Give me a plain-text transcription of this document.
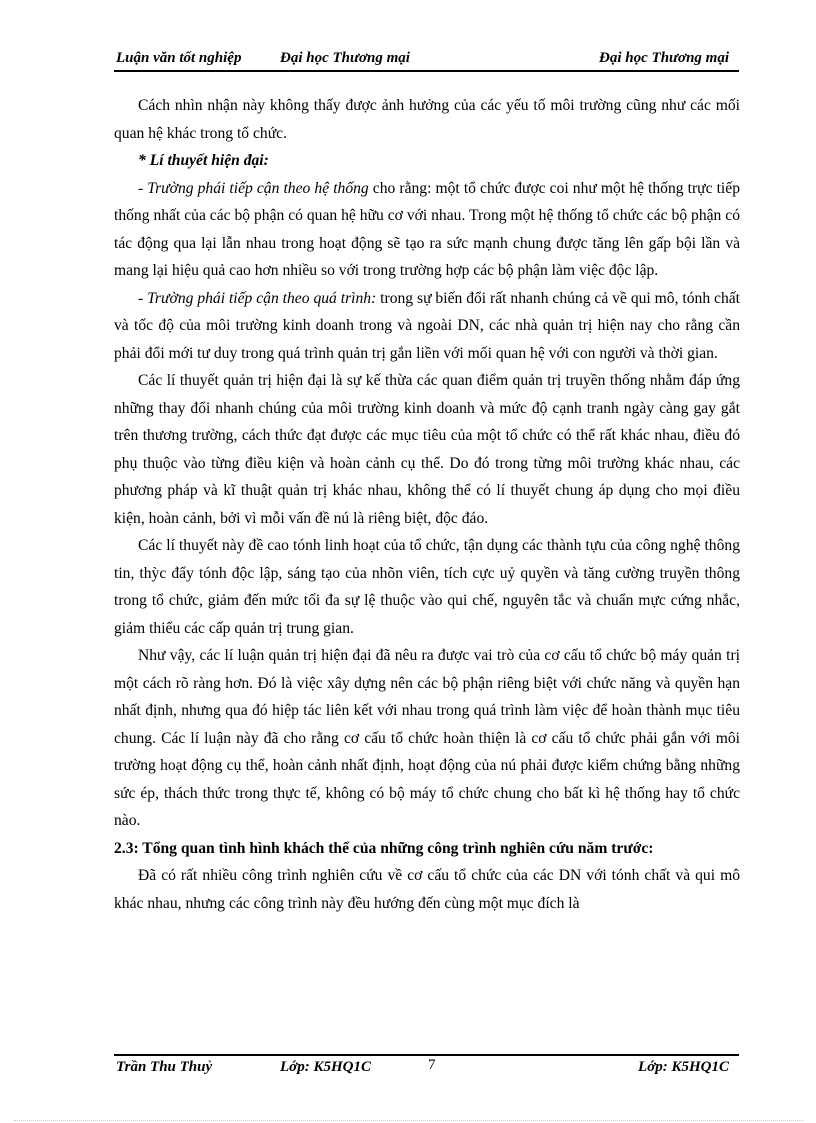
Luận văn tốt nghiệp	Đại học Thương mại	Đại học Thương mại

Cách nhìn nhận này không thấy được ảnh hưởng của các yếu tố môi trường cũng như các mối quan hệ khác trong tổ chức.

* Lí thuyết hiện đại:

- Trường phái tiếp cận theo hệ thống cho rằng: một tổ chức được coi như một hệ thống trực tiếp thống nhất của các bộ phận có quan hệ hữu cơ với nhau. Trong một hệ thống tổ chức các bộ phận có tác động qua lại lẫn nhau trong hoạt động sẽ tạo ra sức mạnh chung được tăng lên gấp bội lần và mang lại hiệu quả cao hơn nhiều so với trong trường hợp các bộ phận làm việc độc lập.

- Trường phái tiếp cận theo quá trình: trong sự biến đổi rất nhanh chúng cả về qui mô, tónh chất và tốc độ của môi trường kinh doanh trong và ngoài DN, các nhà quản trị hiện nay cho rằng cần phải đổi mới tư duy trong quá trình quản trị gắn liền với mối quan hệ với con người và thời gian.

Các lí thuyết quản trị hiện đại là sự kế thừa các quan điểm quản trị truyền thống nhằm đáp ứng những thay đổi nhanh chúng của môi trường kinh doanh và mức độ cạnh tranh ngày càng gay gắt trên thương trường, cách thức đạt được các mục tiêu của một tổ chức có thể rất khác nhau, điều đó phụ thuộc vào từng điều kiện và hoàn cảnh cụ thể. Do đó trong từng môi trường khác nhau, các phương pháp và kĩ thuật quản trị khác nhau, không thể có lí thuyết chung áp dụng cho mọi điều kiện, hoàn cảnh, bởi vì mỗi vấn đề nú là riêng biệt, độc đáo.

Các lí thuyết này đề cao tónh linh hoạt của tổ chức, tận dụng các thành tựu của công nghệ thông tin, thỳc đẩy tónh độc lập, sáng tạo của nhõn viên, tích cực uỷ quyền và tăng cường truyền thông trong tổ chức, giảm đến mức tối đa sự lệ thuộc vào qui chế, nguyên tắc và chuẩn mực cứng nhắc, giảm thiểu các cấp quản trị trung gian.

Như vậy, các lí luận quản trị hiện đại đã nêu ra được vai trò của cơ cấu tổ chức bộ máy quản trị một cách rõ ràng hơn. Đó là việc xây dựng nên các bộ phận riêng biệt với chức năng và quyền hạn nhất định, nhưng qua đó hiệp tác liên kết với nhau trong quá trình làm việc để hoàn thành mục tiêu chung. Các lí luận này đã cho rằng cơ cấu tổ chức hoàn thiện là cơ cấu tổ chức phải gắn với môi trường hoạt động cụ thể, hoàn cảnh nhất định, hoạt động của nú phải được kiểm chứng bằng những sức ép, thách thức trong thực tế, không có bộ máy tổ chức chung cho bất kì hệ thống hay tổ chức nào.

2.3: Tổng quan tình hình khách thể của những công trình nghiên cứu năm trước:

Đã có rất nhiều công trình nghiên cứu về cơ cấu tổ chức của các DN với tónh chất và qui mô khác nhau, nhưng các công trình này đều hướng đến cùng một mục đích là

Trần Thu Thuỷ	Lớp: K5HQ1C	7	Lớp: K5HQ1C
